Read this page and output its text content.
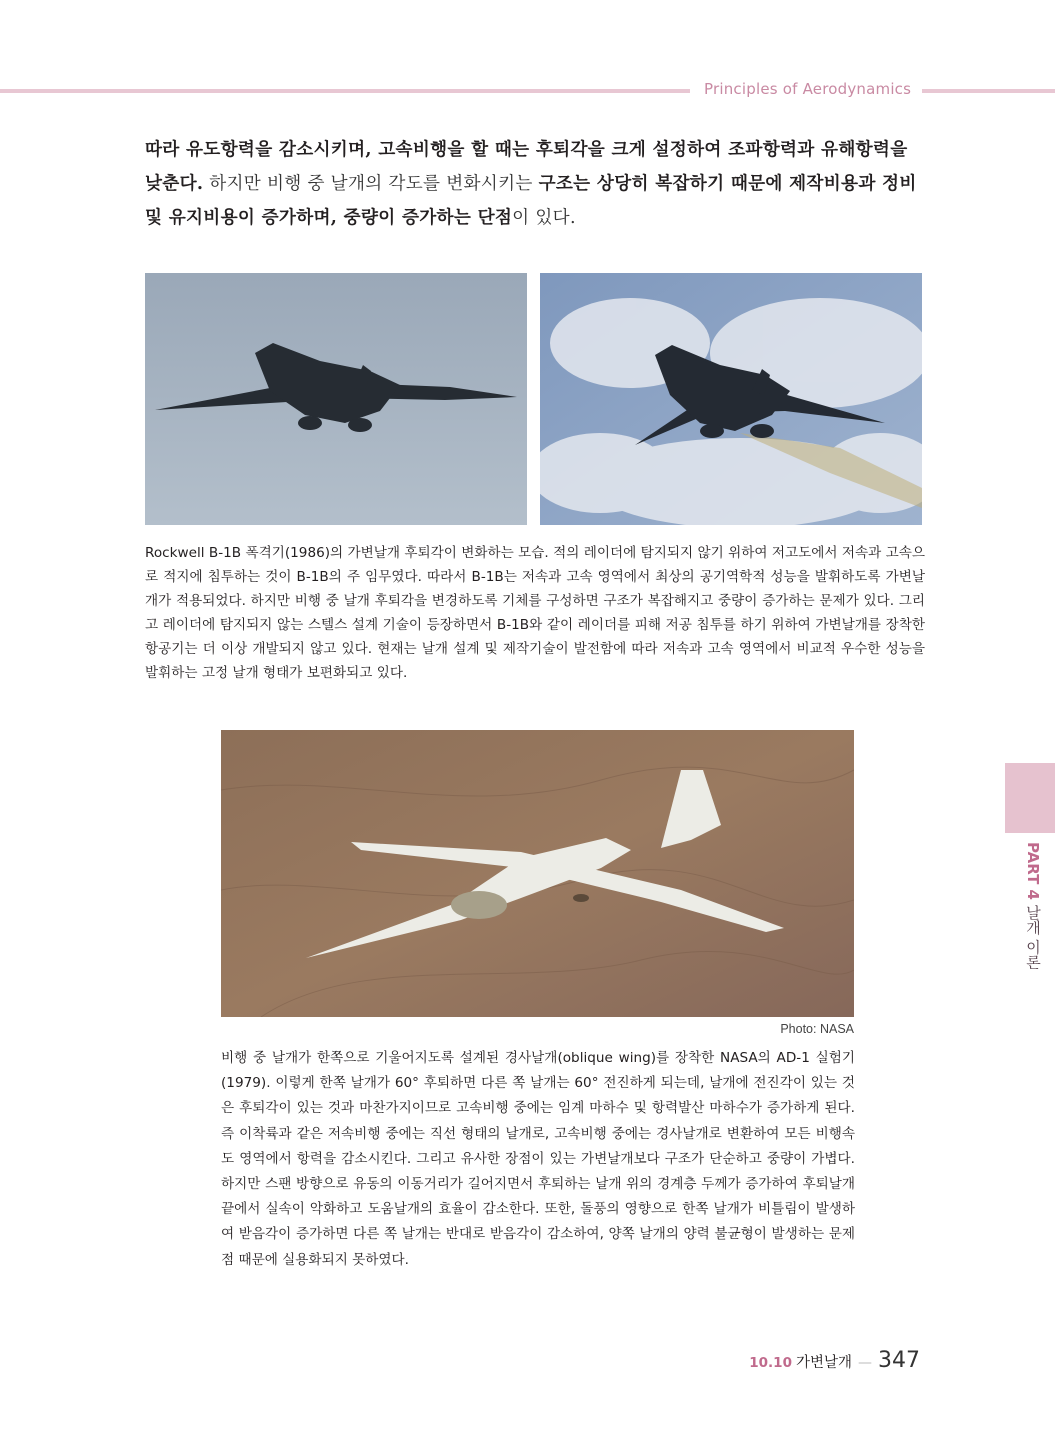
Principles of Aerodynamics
따라 유도항력을 감소시키며, 고속비행을 할 때는 후퇴각을 크게 설정하여 조파항력과 유해항력을 낮춘다. 하지만 비행 중 날개의 각도를 변화시키는 구조는 상당히 복잡하기 때문에 제작비용과 정비 및 유지비용이 증가하며, 중량이 증가하는 단점이 있다.
Rockwell B-1B 폭격기(1986)의 가변날개 후퇴각이 변화하는 모습. 적의 레이더에 탐지되지 않기 위하여 저고도에서 저속과 고속으로 적지에 침투하는 것이 B-1B의 주 임무였다. 따라서 B-1B는 저속과 고속 영역에서 최상의 공기역학적 성능을 발휘하도록 가변날개가 적용되었다. 하지만 비행 중 날개 후퇴각을 변경하도록 기체를 구성하면 구조가 복잡해지고 중량이 증가하는 문제가 있다. 그리고 레이더에 탐지되지 않는 스텔스 설계 기술이 등장하면서 B-1B와 같이 레이더를 피해 저공 침투를 하기 위하여 가변날개를 장착한 항공기는 더 이상 개발되지 않고 있다. 현재는 날개 설계 및 제작기술이 발전함에 따라 저속과 고속 영역에서 비교적 우수한 성능을 발휘하는 고정 날개 형태가 보편화되고 있다.
Photo: NASA
비행 중 날개가 한쪽으로 기울어지도록 설계된 경사날개(oblique wing)를 장착한 NASA의 AD-1 실험기(1979). 이렇게 한쪽 날개가 60° 후퇴하면 다른 쪽 날개는 60° 전진하게 되는데, 날개에 전진각이 있는 것은 후퇴각이 있는 것과 마찬가지이므로 고속비행 중에는 임계 마하수 및 항력발산 마하수가 증가하게 된다. 즉 이착륙과 같은 저속비행 중에는 직선 형태의 날개로, 고속비행 중에는 경사날개로 변환하여 모든 비행속도 영역에서 항력을 감소시킨다. 그리고 유사한 장점이 있는 가변날개보다 구조가 단순하고 중량이 가볍다. 하지만 스팬 방향으로 유동의 이동거리가 길어지면서 후퇴하는 날개 위의 경계층 두께가 증가하여 후퇴날개 끝에서 실속이 악화하고 도움날개의 효율이 감소한다. 또한, 돌풍의 영향으로 한쪽 날개가 비틀림이 발생하여 받음각이 증가하면 다른 쪽 날개는 반대로 받음각이 감소하여, 양쪽 날개의 양력 불균형이 발생하는 문제점 때문에 실용화되지 못하였다.
PART 4 날개 이론
10.10 가변날개 — 347
